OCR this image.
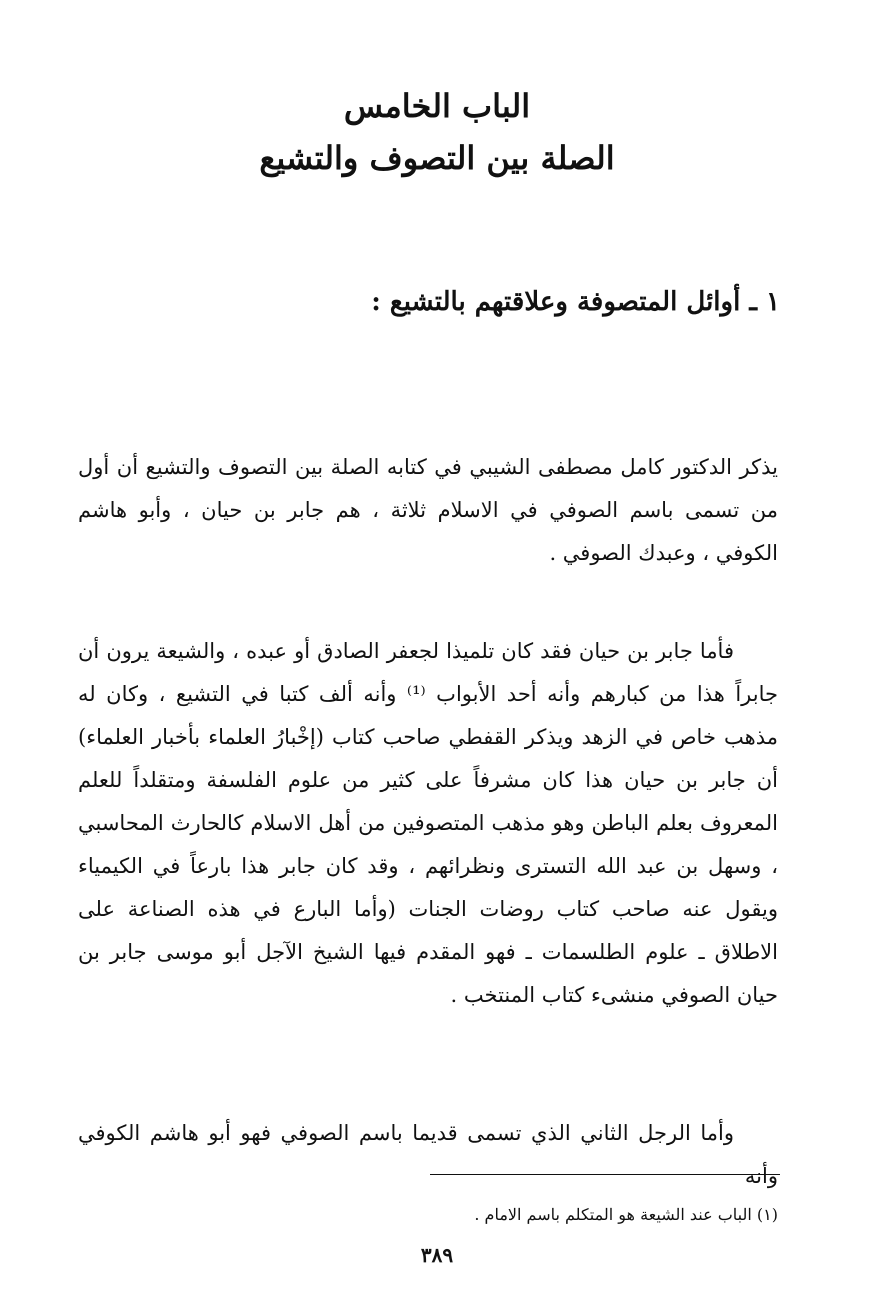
الباب الخامس
الصلة بين التصوف والتشيع
١ ـ أوائل المتصوفة وعلاقتهم بالتشيع :

يذكر الدكتور كامل مصطفى الشيبي في كتابه الصلة بين التصوف والتشيع أن أول من تسمى باسم الصوفي في الاسلام ثلاثة ، هم جابر بن حيان ، وأبو هاشم الكوفي ، وعبدك الصوفي .

فأما جابر بن حيان فقد كان تلميذا لجعفر الصادق أو عبده ، والشيعة يرون أن جابراً هذا من كبارهم وأنه أحد الأبواب ⁽¹⁾ وأنه ألف كتبا في التشيع ، وكان له مذهب خاص في الزهد ويذكر القفطي صاحب كتاب (إخْبارُ العلماء بأخبار العلماء) أن جابر بن حيان هذا كان مشرفاً على كثير من علوم الفلسفة ومتقلداً للعلم المعروف بعلم الباطن وهو مذهب المتصوفين من أهل الاسلام كالحارث المحاسبي ، وسهل بن عبد الله التسترى ونظرائهم ، وقد كان جابر هذا بارعاً في الكيمياء ويقول عنه صاحب كتاب روضات الجنات (وأما البارع في هذه الصناعة على الاطلاق ـ علوم الطلسمات ـ فهو المقدم فيها الشيخ الآجل أبو موسى جابر بن حيان الصوفي منشىء كتاب المنتخب .

وأما الرجل الثاني الذي تسمى قديما باسم الصوفي فهو أبو هاشم الكوفي وأنه

(١) الباب عند الشيعة هو المتكلم باسم الامام .
٣٨٩
